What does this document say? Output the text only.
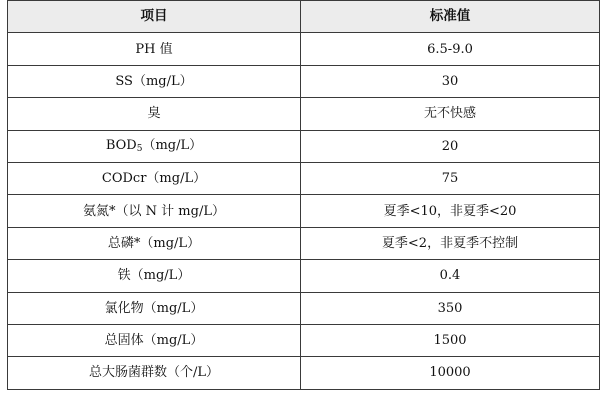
项目	标准值
PH 值	6.5-9.0
SS（mg/L）	30
臭	无不快感
$BOD_5(mg/L)$	20
CODcr（mg/L）	75
氨氮*（以 N 计 mg/L）	夏季<10，非夏季<20
总磷*（mg/L）	夏季<2，非夏季不控制
铁（mg/L）	0.4
氯化物（mg/L）	350
总固体（mg/L）	1500
总大肠菌群数（个/L）	10000
